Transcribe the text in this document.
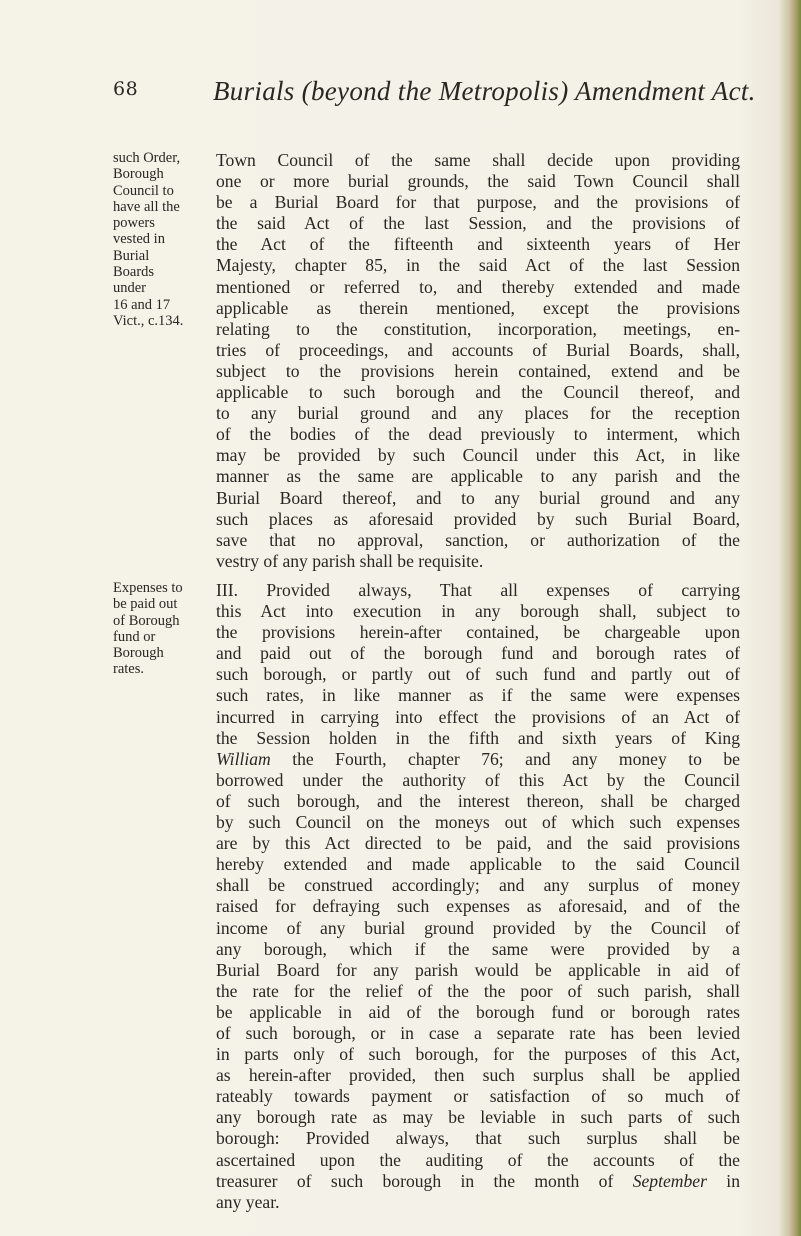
68	Burials (beyond the Metropolis) Amendment Act.
such Order,
Borough
Council to
have all the
powers
vested in
Burial
Boards
under
16 and 17
Vict., c.134.
Town Council of the same shall decide upon providing
one or more burial grounds, the said Town Council shall
be a Burial Board for that purpose, and the provisions of
the said Act of the last Session, and the provisions of
the Act of the fifteenth and sixteenth years of Her
Majesty, chapter 85, in the said Act of the last Session
mentioned or referred to, and thereby extended and made
applicable as therein mentioned, except the provisions
relating to the constitution, incorporation, meetings, en-
tries of proceedings, and accounts of Burial Boards, shall,
subject to the provisions herein contained, extend and be
applicable to such borough and the Council thereof, and
to any burial ground and any places for the reception
of the bodies of the dead previously to interment, which
may be provided by such Council under this Act, in like
manner as the same are applicable to any parish and the
Burial Board thereof, and to any burial ground and any
such places as aforesaid provided by such Burial Board,
save that no approval, sanction, or authorization of the
vestry of any parish shall be requisite.
Expenses to
be paid out
of Borough
fund or
Borough
rates.
III. Provided always, That all expenses of carrying
this Act into execution in any borough shall, subject to
the provisions herein-after contained, be chargeable upon
and paid out of the borough fund and borough rates of
such borough, or partly out of such fund and partly out of
such rates, in like manner as if the same were expenses
incurred in carrying into effect the provisions of an Act of
the Session holden in the fifth and sixth years of King
William the Fourth, chapter 76; and any money to be
borrowed under the authority of this Act by the Council
of such borough, and the interest thereon, shall be charged
by such Council on the moneys out of which such expenses
are by this Act directed to be paid, and the said provisions
hereby extended and made applicable to the said Council
shall be construed accordingly; and any surplus of money
raised for defraying such expenses as aforesaid, and of the
income of any burial ground provided by the Council of
any borough, which if the same were provided by a
Burial Board for any parish would be applicable in aid of
the rate for the relief of the the poor of such parish, shall
be applicable in aid of the borough fund or borough rates
of such borough, or in case a separate rate has been levied
in parts only of such borough, for the purposes of this Act,
as herein-after provided, then such surplus shall be applied
rateably towards payment or satisfaction of so much of
any borough rate as may be leviable in such parts of such
borough: Provided always, that such surplus shall be
ascertained upon the auditing of the accounts of the
treasurer of such borough in the month of September in
any year.
